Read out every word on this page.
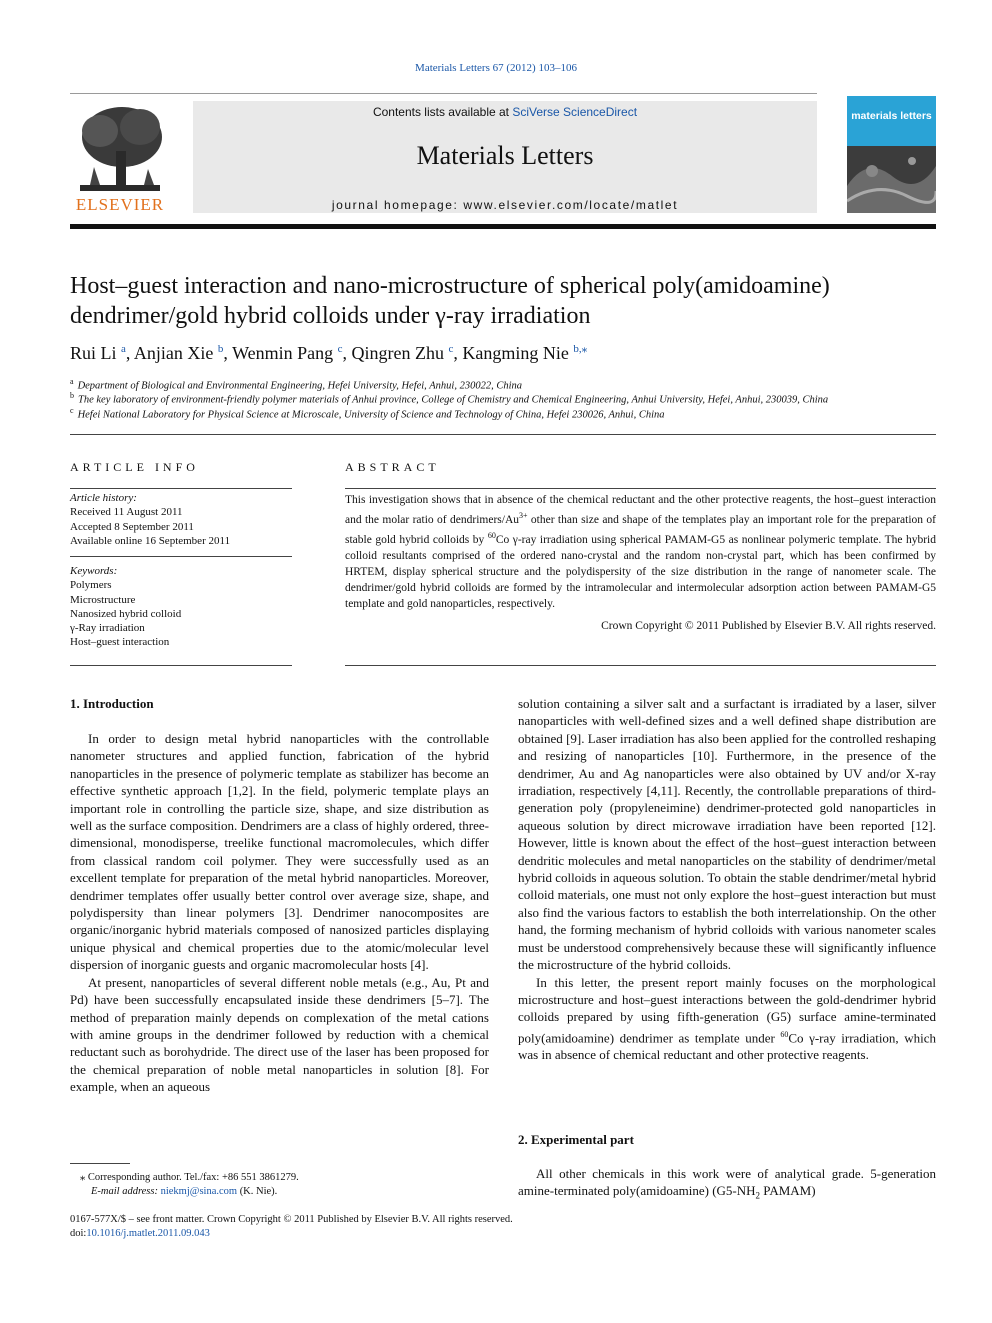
Materials Letters 67 (2012) 103–106
ELSEVIER
Contents lists available at SciVerse ScienceDirect
Materials Letters
journal homepage: www.elsevier.com/locate/matlet
materials letters
Host–guest interaction and nano-microstructure of spherical poly(amidoamine)
dendrimer/gold hybrid colloids under γ-ray irradiation
Rui Li $^a$, Anjian Xie $^b$, Wenmin Pang $^c$, Qingren Zhu $^c$, Kangming Nie $^{b,⁎}$
$^a$ Department of Biological and Environmental Engineering, Hefei University, Hefei, Anhui, 230022, China
$^b$ The key laboratory of environment-friendly polymer materials of Anhui province, College of Chemistry and Chemical Engineering, Anhui University, Hefei, Anhui, 230039, China
$^c$ Hefei National Laboratory for Physical Science at Microscale, University of Science and Technology of China, Hefei 230026, Anhui, China
ARTICLE INFO	ABSTRACT
Article history:
Received 11 August 2011
Accepted 8 September 2011
Available online 16 September 2011
Keywords:
Polymers
Microstructure
Nanosized hybrid colloid
γ-Ray irradiation
Host–guest interaction
This investigation shows that in absence of the chemical reductant and the other protective reagents, the host–guest interaction and the molar ratio of dendrimers/$Au^{3+}$ other than size and shape of the templates play an important role for the preparation of stable gold hybrid colloids by $^{60}$Co γ-ray irradiation using spherical PAMAM-G5 as nonlinear polymeric template. The hybrid colloid resultants comprised of the ordered nano-crystal and the random non-crystal part, which has been confirmed by HRTEM, display spherical structure and the polydispersity of the size distribution in the range of nanometer scale. The dendrimer/gold hybrid colloids are formed by the intramolecular and intermolecular adsorption action between PAMAM-G5 template and gold nanoparticles, respectively.
Crown Copyright © 2011 Published by Elsevier B.V. All rights reserved.
1. Introduction

In order to design metal hybrid nanoparticles with the controllable nanometer structures and applied function, fabrication of the hybrid nanoparticles in the presence of polymeric template as stabilizer has become an effective synthetic approach [1,2]. In the field, polymeric template plays an important role in controlling the particle size, shape, and size distribution as well as the surface composition. Dendrimers are a class of highly ordered, three-dimensional, monodisperse, treelike functional macromolecules, which differ from classical random coil polymer. They were successfully used as an excellent template for preparation of the metal hybrid nanoparticles. Moreover, dendrimer templates offer usually better control over average size, shape, and polydispersity than linear polymers [3]. Dendrimer nanocomposites are organic/inorganic hybrid materials composed of nanosized particles displaying unique physical and chemical properties due to the atomic/molecular level dispersion of inorganic guests and organic macromolecular hosts [4].

At present, nanoparticles of several different noble metals (e.g., Au, Pt and Pd) have been successfully encapsulated inside these dendrimers [5–7]. The method of preparation mainly depends on complexation of the metal cations with amine groups in the dendrimer followed by reduction with a chemical reductant such as borohydride. The direct use of the laser has been proposed for the chemical preparation of noble metal nanoparticles in solution [8]. For example, when an aqueous

solution containing a silver salt and a surfactant is irradiated by a laser, silver nanoparticles with well-defined sizes and a well defined shape distribution are obtained [9]. Laser irradiation has also been applied for the controlled reshaping and resizing of nanoparticles [10]. Furthermore, in the presence of the dendrimer, Au and Ag nanoparticles were also obtained by UV and/or X-ray irradiation, respectively [4,11]. Recently, the controllable preparations of third-generation poly (propyleneimine) dendrimer-protected gold nanoparticles in aqueous solution by direct microwave irradiation have been reported [12]. However, little is known about the effect of the host–guest interaction between dendritic molecules and metal nanoparticles on the stability of dendrimer/metal hybrid colloids in aqueous solution. To obtain the stable dendrimer/metal hybrid colloid materials, one must not only explore the host–guest interaction but must also find the various factors to establish the both interrelationship. On the other hand, the forming mechanism of hybrid colloids with various nanometer scales must be understood comprehensively because these will significantly influence the microstructure of the hybrid colloids.

In this letter, the present report mainly focuses on the morphological microstructure and host–guest interactions between the gold-dendrimer hybrid colloids prepared by using fifth-generation (G5) surface amine-terminated poly(amidoamine) dendrimer as template under $^{60}$Co γ-ray irradiation, which was in absence of chemical reductant and other protective reagents.

2. Experimental part

All other chemicals in this work were of analytical grade. 5-generation amine-terminated poly(amidoamine) ($G5-NH_2$ PAMAM)

⁎ Corresponding author. Tel./fax: +86 551 3861279.
E-mail address: niekmj@sina.com (K. Nie).
0167-577X/$ – see front matter. Crown Copyright © 2011 Published by Elsevier B.V. All rights reserved.
doi:10.1016/j.matlet.2011.09.043
